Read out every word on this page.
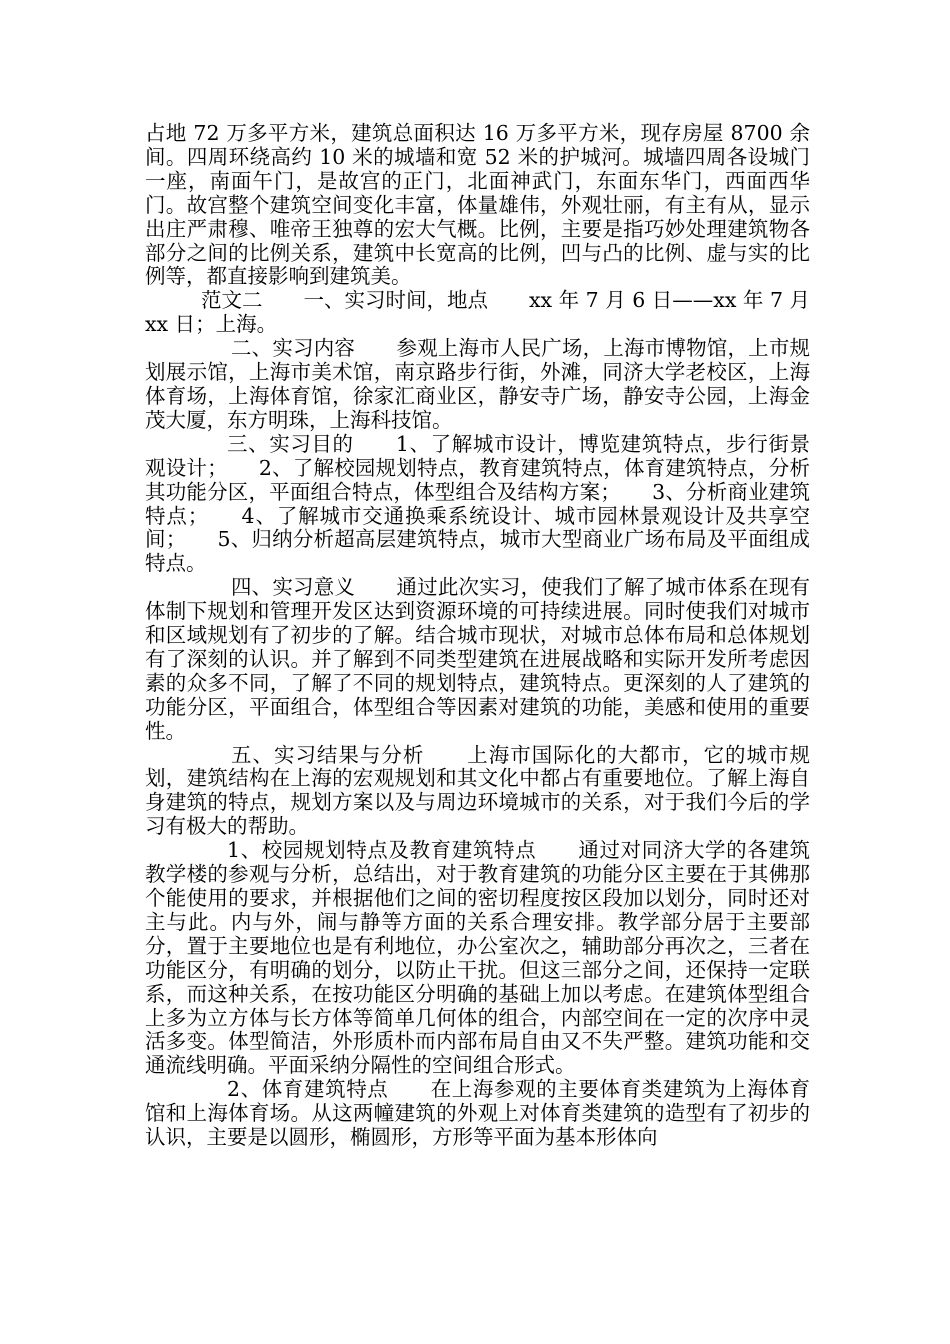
占地 72 万多平方米，建筑总面积达 16 万多平方米，现存房屋 8700 余间。四周环绕高约 10 米的城墙和宽 52 米的护城河。城墙四周各设城门一座，南面午门，是故宫的正门，北面神武门，东面东华门，西面西华门。故宫整个建筑空间变化丰富，体量雄伟，外观壮丽，有主有从，显示出庄严肃穆、唯帝王独尊的宏大气概。比例，主要是指巧妙处理建筑物各部分之间的比例关系，建筑中长宽高的比例，凹与凸的比例、虚与实的比例等，都直接影响到建筑美。

范文二　　一、实习时间，地点　　xx 年 7 月 6 日——xx 年 7 月 xx 日；上海。

二、实习内容　　参观上海市人民广场，上海市博物馆，上市规划展示馆，上海市美术馆，南京路步行街，外滩，同济大学老校区，上海体育场，上海体育馆，徐家汇商业区，静安寺广场，静安寺公园，上海金茂大厦，东方明珠，上海科技馆。

三、实习目的　　1、了解城市设计，博览建筑特点，步行街景观设计；　　2、了解校园规划特点，教育建筑特点，体育建筑特点，分析其功能分区，平面组合特点，体型组合及结构方案；　　3、分析商业建筑特点；　　4、了解城市交通换乘系统设计、城市园林景观设计及共享空间；　　5、归纳分析超高层建筑特点，城市大型商业广场布局及平面组成特点。

四、实习意义　　通过此次实习，使我们了解了城市体系在现有体制下规划和管理开发区达到资源环境的可持续进展。同时使我们对城市和区域规划有了初步的了解。结合城市现状，对城市总体布局和总体规划有了深刻的认识。并了解到不同类型建筑在进展战略和实际开发所考虑因素的众多不同，了解了不同的规划特点，建筑特点。更深刻的人了建筑的功能分区，平面组合，体型组合等因素对建筑的功能，美感和使用的重要性。

五、实习结果与分析　　上海市国际化的大都市，它的城市规划，建筑结构在上海的宏观规划和其文化中都占有重要地位。了解上海自身建筑的特点，规划方案以及与周边环境城市的关系，对于我们今后的学习有极大的帮助。

1、校园规划特点及教育建筑特点　　通过对同济大学的各建筑教学楼的参观与分析，总结出，对于教育建筑的功能分区主要在于其佛那个能使用的要求，并根据他们之间的密切程度按区段加以划分，同时还对主与此。内与外，闹与静等方面的关系合理安排。教学部分居于主要部分，置于主要地位也是有利地位，办公室次之，辅助部分再次之，三者在功能区分，有明确的划分，以防止干扰。但这三部分之间，还保持一定联系，而这种关系，在按功能区分明确的基础上加以考虑。在建筑体型组合上多为立方体与长方体等简单几何体的组合，内部空间在一定的次序中灵活多变。体型简洁，外形质朴而内部布局自由又不失严整。建筑功能和交通流线明确。平面采纳分隔性的空间组合形式。

2、体育建筑特点　　在上海参观的主要体育类建筑为上海体育馆和上海体育场。从这两幢建筑的外观上对体育类建筑的造型有了初步的认识，主要是以圆形，椭圆形，方形等平面为基本形体向
